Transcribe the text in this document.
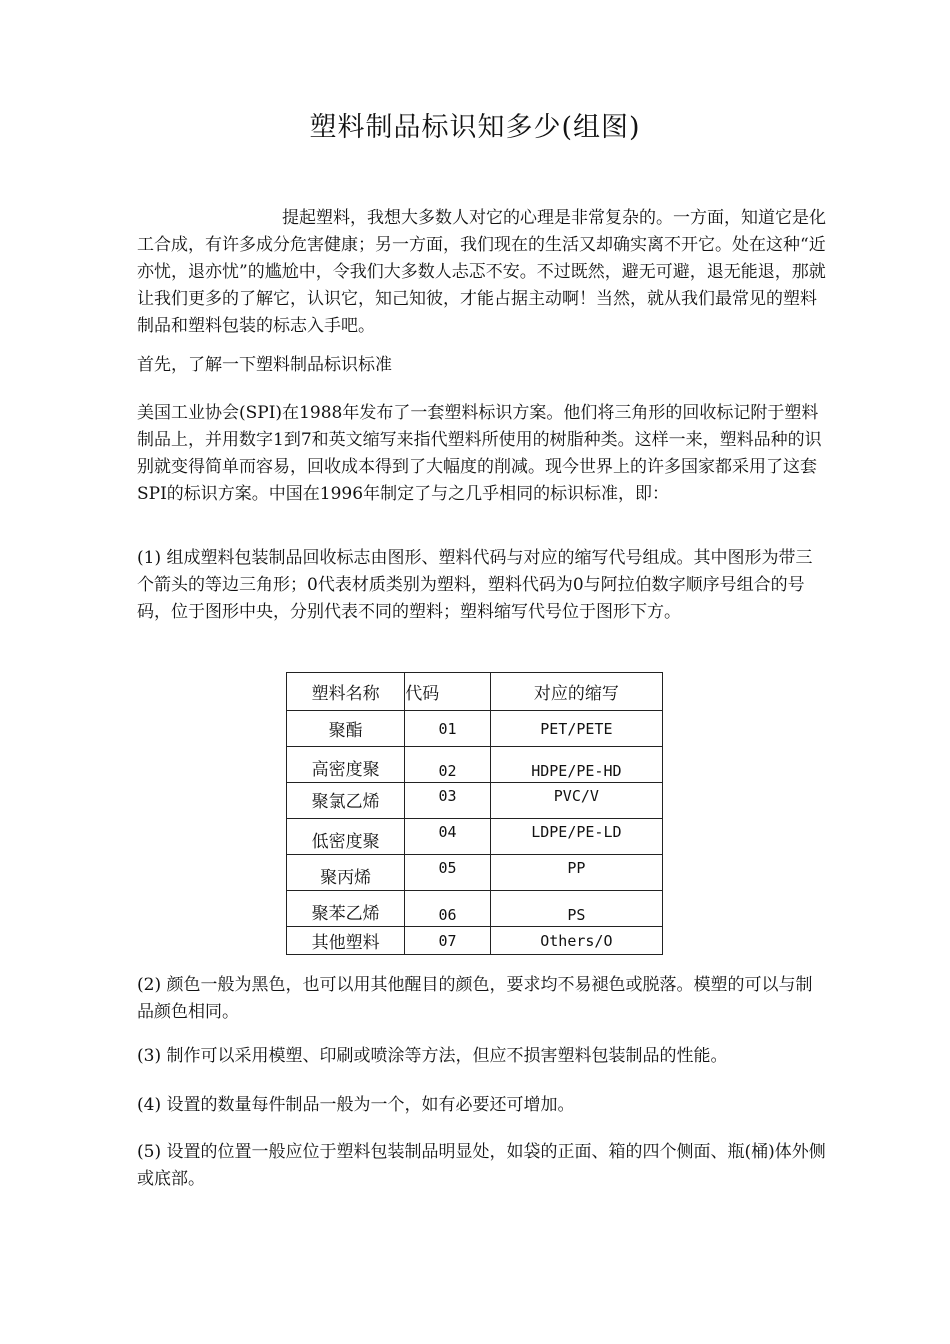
塑料制品标识知多少(组图)

提起塑料，我想大多数人对它的心理是非常复杂的。一方面，知道它是化工合成，有许多成分危害健康；另一方面，我们现在的生活又却确实离不开它。处在这种“近亦忧，退亦忧”的尴尬中，令我们大多数人忐忑不安。不过既然，避无可避，退无能退，那就让我们更多的了解它，认识它，知己知彼，才能占据主动啊！当然，就从我们最常见的塑料制品和塑料包装的标志入手吧。

首先，了解一下塑料制品标识标准

美国工业协会(SPI)在1988年发布了一套塑料标识方案。他们将三角形的回收标记附于塑料制品上，并用数字1到7和英文缩写来指代塑料所使用的树脂种类。这样一来，塑料品种的识别就变得简单而容易，回收成本得到了大幅度的削减。现今世界上的许多国家都采用了这套SPI的标识方案。中国在1996年制定了与之几乎相同的标识标准，即：

(1) 组成塑料包装制品回收标志由图形、塑料代码与对应的缩写代号组成。其中图形为带三个箭头的等边三角形；0代表材质类别为塑料，塑料代码为0与阿拉伯数字顺序号组合的号码，位于图形中央，分别代表不同的塑料；塑料缩写代号位于图形下方。

塑料名称	代码	对应的缩写
聚酯	01	PET/PETE
高密度聚	02	HDPE/PE-HD
聚氯乙烯	03	PVC/V
低密度聚	04	LDPE/PE-LD
聚丙烯	05	PP
聚苯乙烯	06	PS
其他塑料	07	Others/O

(2) 颜色一般为黑色，也可以用其他醒目的颜色，要求均不易褪色或脱落。模塑的可以与制品颜色相同。

(3) 制作可以采用模塑、印刷或喷涂等方法，但应不损害塑料包装制品的性能。

(4) 设置的数量每件制品一般为一个，如有必要还可增加。

(5) 设置的位置一般应位于塑料包装制品明显处，如袋的正面、箱的四个侧面、瓶(桶)体外侧或底部。
